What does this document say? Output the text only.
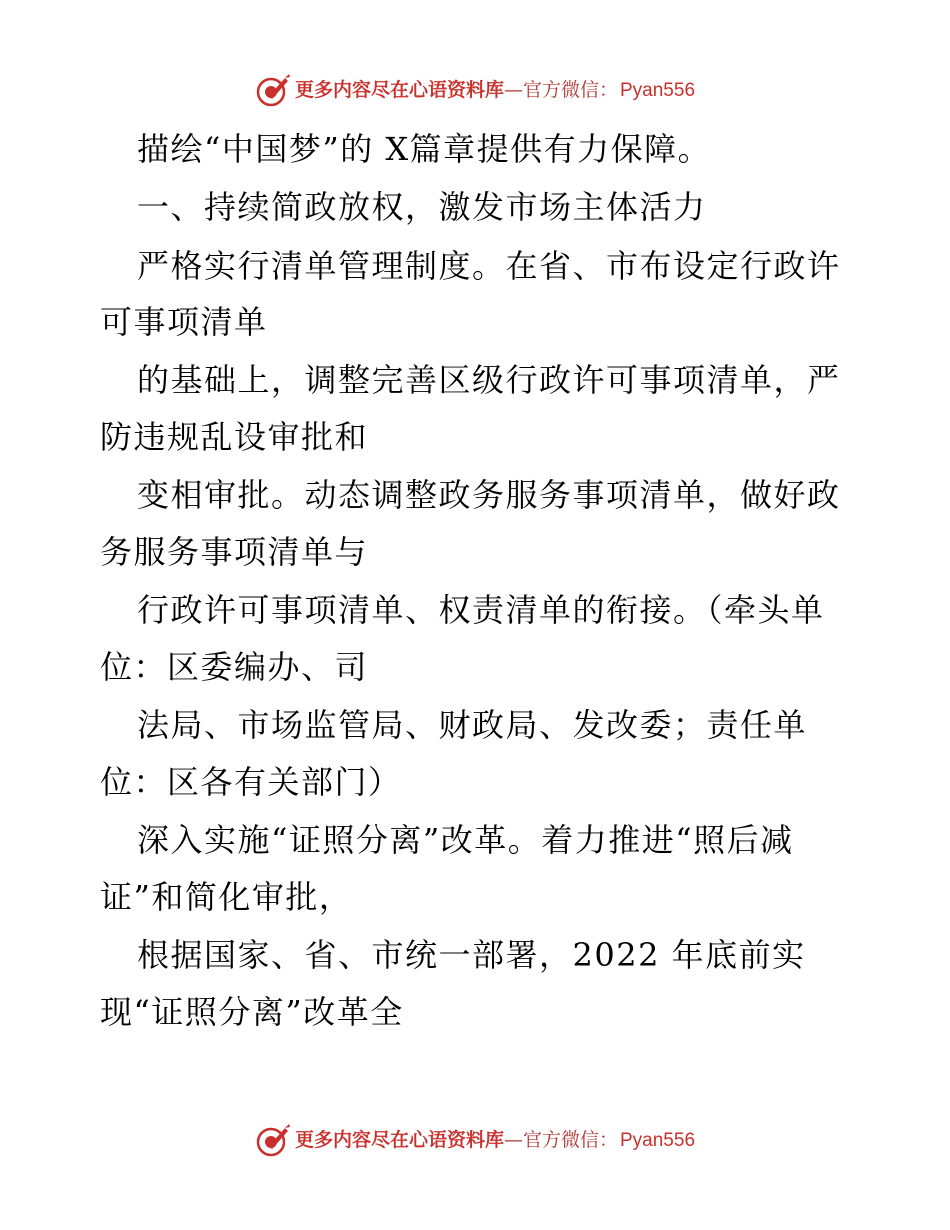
更多内容尽在心语资料库 — 官方微信： Pyan556
描绘“中国梦”的 X篇章提供有力保障。
一、持续简政放权，激发市场主体活力
严格实行清单管理制度。在省、市布设定行政许
可事项清单
的基础上，调整完善区级行政许可事项清单，严
防违规乱设审批和
变相审批。动态调整政务服务事项清单，做好政
务服务事项清单与
行政许可事项清单、权责清单的衔接。（牵头单
位：区委编办、司
法局、市场监管局、财政局、发改委；责任单
位：区各有关部门）
深入实施“证照分离”改革。着力推进“照后减
证”和简化审批，
根据国家、省、市统一部署，2022 年底前实
现“证照分离”改革全
更多内容尽在心语资料库 — 官方微信： Pyan556
